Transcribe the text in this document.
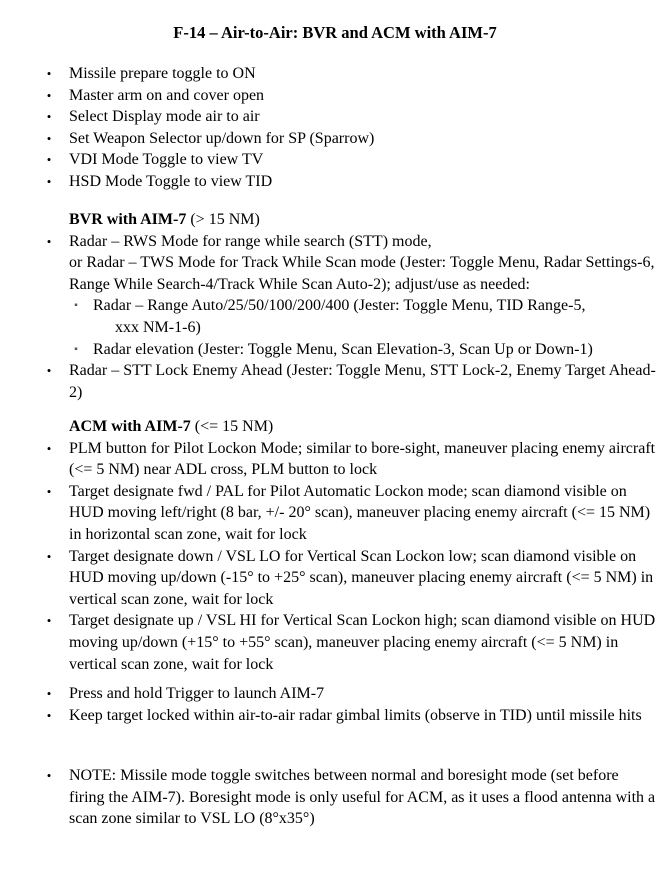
F-14 – Air-to-Air: BVR and ACM with AIM-7
• Missile prepare toggle to ON
• Master arm on and cover open
• Select Display mode air to air
• Set Weapon Selector up/down for SP (Sparrow)
• VDI Mode Toggle to view TV
• HSD Mode Toggle to view TID
BVR with AIM-7 (> 15 NM)
• Radar – RWS Mode for range while search (STT) mode,
or Radar – TWS Mode for Track While Scan mode (Jester: Toggle Menu, Radar Settings-6, Range While Search-4/Track While Scan Auto-2); adjust/use as needed:
▪ Radar – Range Auto/25/50/100/200/400 (Jester: Toggle Menu, TID Range-5,
xxx NM-1-6)
▪ Radar elevation (Jester: Toggle Menu, Scan Elevation-3, Scan Up or Down-1)
• Radar – STT Lock Enemy Ahead (Jester: Toggle Menu, STT Lock-2, Enemy Target Ahead-2)
ACM with AIM-7 (<= 15 NM)
• PLM button for Pilot Lockon Mode; similar to bore-sight, maneuver placing enemy aircraft (<= 5 NM) near ADL cross, PLM button to lock
• Target designate fwd / PAL for Pilot Automatic Lockon mode; scan diamond visible on HUD moving left/right (8 bar, +/- 20° scan), maneuver placing enemy aircraft (<= 15 NM) in horizontal scan zone, wait for lock
• Target designate down / VSL LO for Vertical Scan Lockon low; scan diamond visible on HUD moving up/down (-15° to +25° scan), maneuver placing enemy aircraft (<= 5 NM) in vertical scan zone, wait for lock
• Target designate up / VSL HI for Vertical Scan Lockon high; scan diamond visible on HUD moving up/down (+15° to +55° scan), maneuver placing enemy aircraft (<= 5 NM) in vertical scan zone, wait for lock
• Press and hold Trigger to launch AIM-7
• Keep target locked within air-to-air radar gimbal limits (observe in TID) until missile hits
• NOTE: Missile mode toggle switches between normal and boresight mode (set before firing the AIM-7). Boresight mode is only useful for ACM, as it uses a flood antenna with a scan zone similar to VSL LO (8°x35°)
